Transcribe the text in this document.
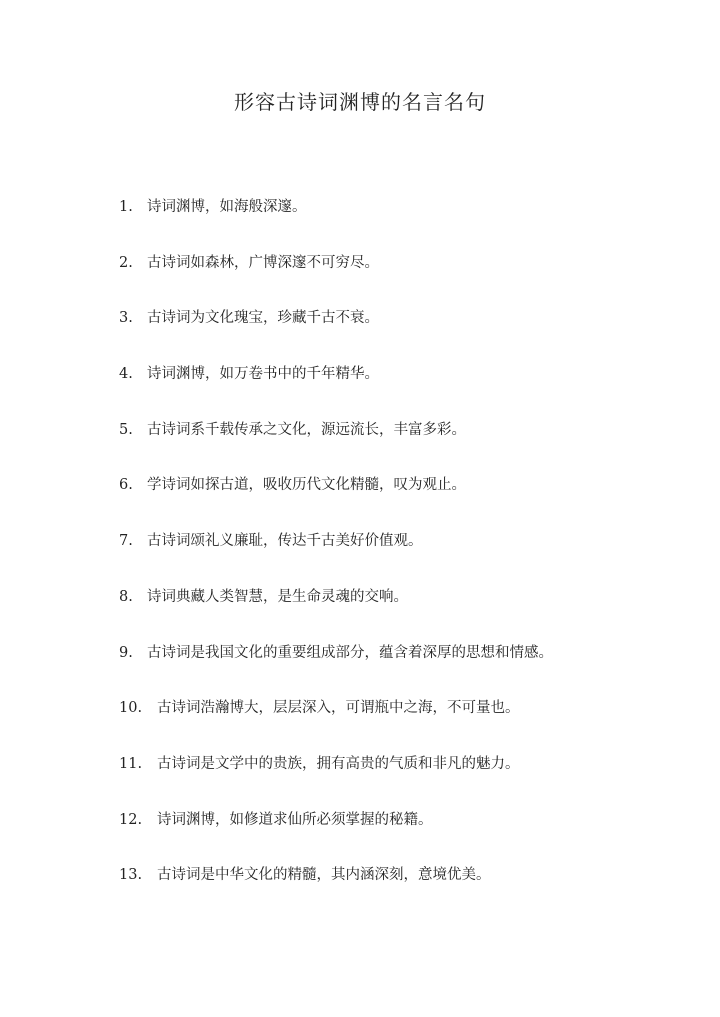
形容古诗词渊博的名言名句
1. 诗词渊博，如海般深邃。
2. 古诗词如森林，广博深邃不可穷尽。
3. 古诗词为文化瑰宝，珍藏千古不衰。
4. 诗词渊博，如万卷书中的千年精华。
5. 古诗词系千载传承之文化，源远流长，丰富多彩。
6. 学诗词如探古道，吸收历代文化精髓，叹为观止。
7. 古诗词颂礼义廉耻，传达千古美好价值观。
8. 诗词典藏人类智慧，是生命灵魂的交响。
9. 古诗词是我国文化的重要组成部分，蕴含着深厚的思想和情感。
10. 古诗词浩瀚博大，层层深入，可谓瓶中之海，不可量也。
11. 古诗词是文学中的贵族，拥有高贵的气质和非凡的魅力。
12. 诗词渊博，如修道求仙所必须掌握的秘籍。
13. 古诗词是中华文化的精髓，其内涵深刻，意境优美。
